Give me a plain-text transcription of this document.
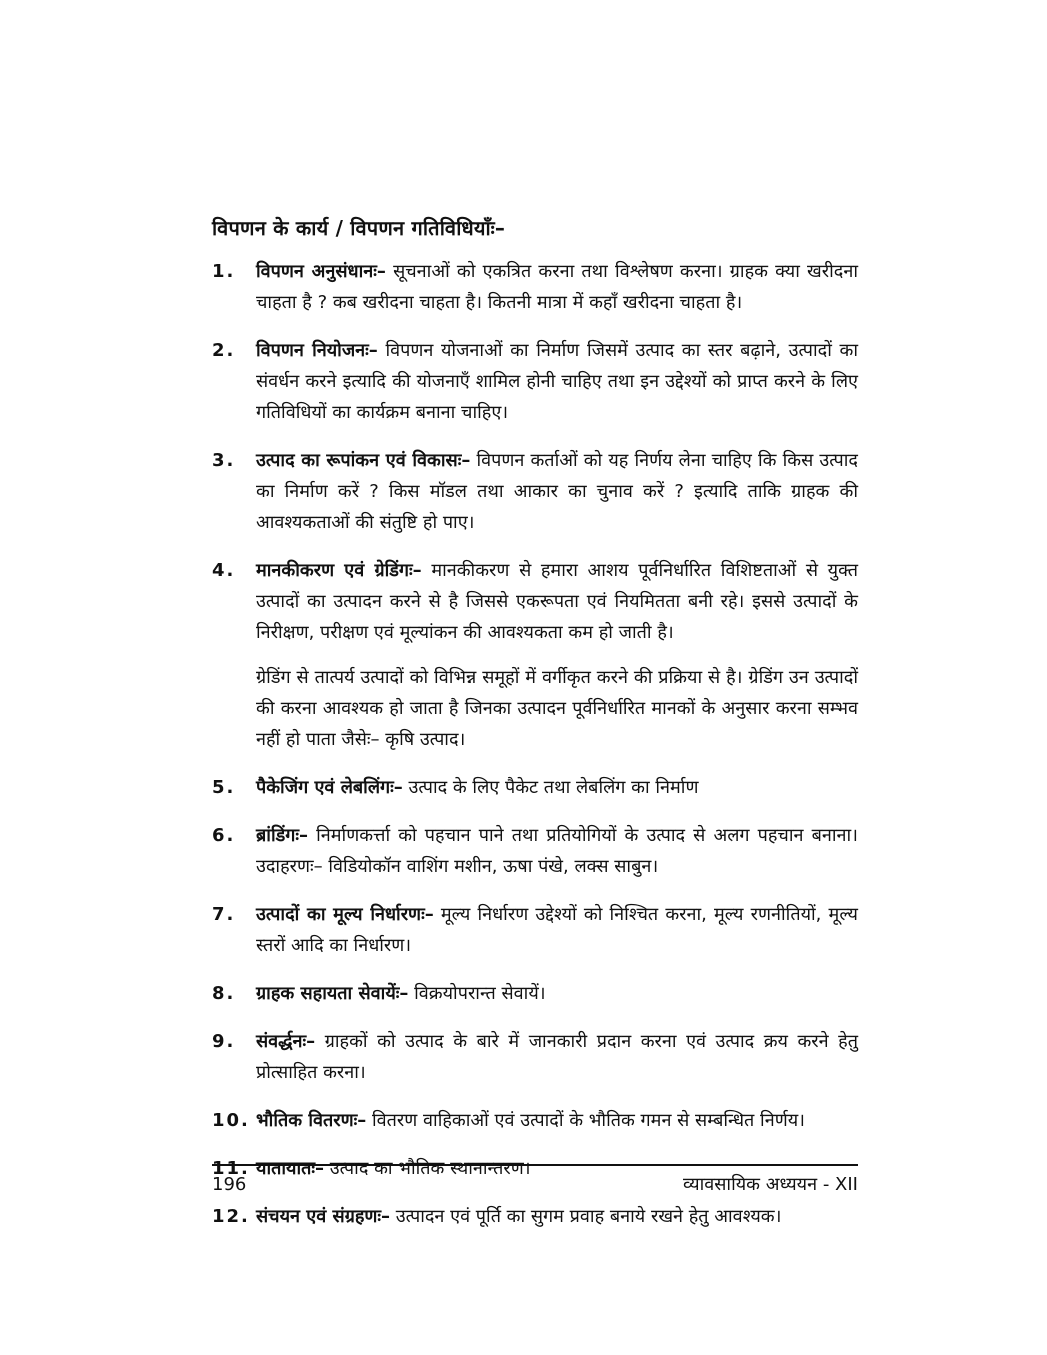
विपणन के कार्य / विपणन गतिविधियाँः–
1.	विपणन अनुसंधानः– सूचनाओं को एकत्रित करना तथा विश्लेषण करना। ग्राहक क्या खरीदना चाहता है ? कब खरीदना चाहता है। कितनी मात्रा में कहाँ खरीदना चाहता है।
2.	विपणन नियोजनः– विपणन योजनाओं का निर्माण जिसमें उत्पाद का स्तर बढ़ाने, उत्पादों का संवर्धन करने इत्यादि की योजनाएँ शामिल होनी चाहिए तथा इन उद्देश्यों को प्राप्त करने के लिए गतिविधियों का कार्यक्रम बनाना चाहिए।
3.	उत्पाद का रूपांकन एवं विकासः– विपणन कर्ताओं को यह निर्णय लेना चाहिए कि किस उत्पाद का निर्माण करें ? किस मॉडल तथा आकार का चुनाव करें ? इत्यादि ताकि ग्राहक की आवश्यकताओं की संतुष्टि हो पाए।
4.	मानकीकरण एवं ग्रेडिंगः– मानकीकरण से हमारा आशय पूर्वनिर्धारित विशिष्टताओं से युक्त उत्पादों का उत्पादन करने से है जिससे एकरूपता एवं नियमितता बनी रहे। इससे उत्पादों के निरीक्षण, परीक्षण एवं मूल्यांकन की आवश्यकता कम हो जाती है।
ग्रेडिंग से तात्पर्य उत्पादों को विभिन्न समूहों में वर्गीकृत करने की प्रक्रिया से है। ग्रेडिंग उन उत्पादों की करना आवश्यक हो जाता है जिनका उत्पादन पूर्वनिर्धारित मानकों के अनुसार करना सम्भव नहीं हो पाता जैसेः– कृषि उत्पाद।
5.	पैकेजिंग एवं लेबलिंगः– उत्पाद के लिए पैकेट तथा लेबलिंग का निर्माण
6.	ब्रांडिंगः– निर्माणकर्त्ता को पहचान पाने तथा प्रतियोगियों के उत्पाद से अलग पहचान बनाना। उदाहरणः– विडियोकॉन वाशिंग मशीन, ऊषा पंखे, लक्स साबुन।
7.	उत्पादों का मूल्य निर्धारणः– मूल्य निर्धारण उद्देश्यों को निश्चित करना, मूल्य रणनीतियों, मूल्य स्तरों आदि का निर्धारण।
8.	ग्राहक सहायता सेवायेंः– विक्रयोपरान्त सेवायें।
9.	संवर्द्धनः– ग्राहकों को उत्पाद के बारे में जानकारी प्रदान करना एवं उत्पाद क्रय करने हेतु प्रोत्साहित करना।
10. भौतिक वितरणः– वितरण वाहिकाओं एवं उत्पादों के भौतिक गमन से सम्बन्धित निर्णय।
11. यातायातः– उत्पाद का भौतिक स्थानान्तरण।
12. संचयन एवं संग्रहणः– उत्पादन एवं पूर्ति का सुगम प्रवाह बनाये रखने हेतु आवश्यक।
196	व्यावसायिक अध्ययन - XII
